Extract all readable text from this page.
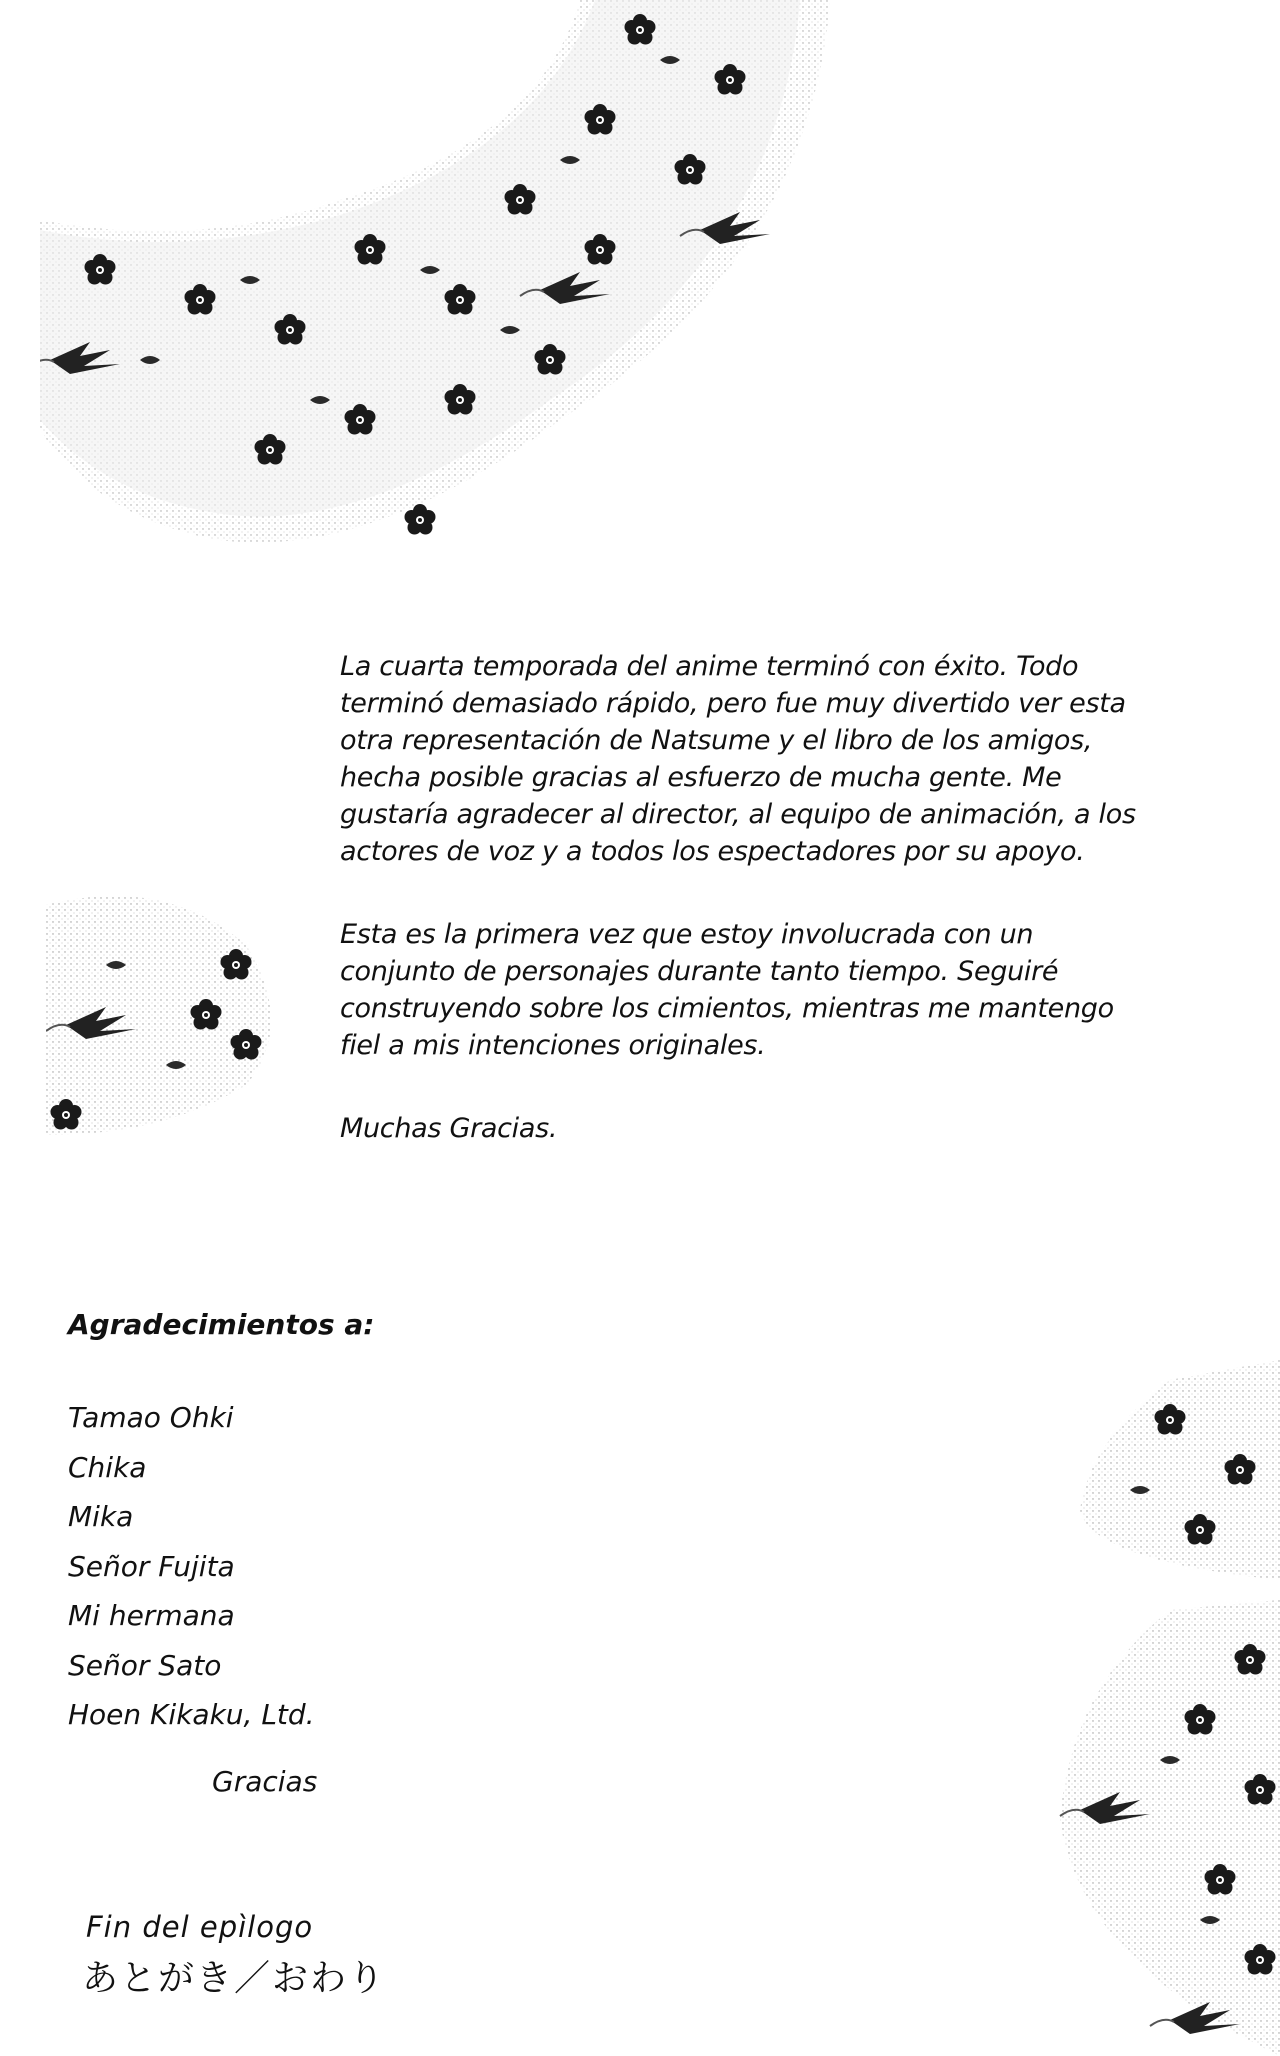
La cuarta temporada del anime terminó con éxito. Todo terminó demasiado rápido, pero fue muy divertido ver esta otra representación de Natsume y el libro de los amigos, hecha posible gracias al esfuerzo de mucha gente. Me gustaría agradecer al director, al equipo de animación, a los actores de voz y a todos los espectadores por su apoyo.

Esta es la primera vez que estoy involucrada con un conjunto de personajes durante tanto tiempo. Seguiré construyendo sobre los cimientos, mientras me mantengo fiel a mis intenciones originales.

Muchas Gracias.

Agradecimientos a:
Tamao Ohki
Chika
Mika
Señor Fujita
Mi hermana
Señor Sato
Hoen Kikaku, Ltd.

Gracias

Fin del epìlogo

あとがき／おわり
